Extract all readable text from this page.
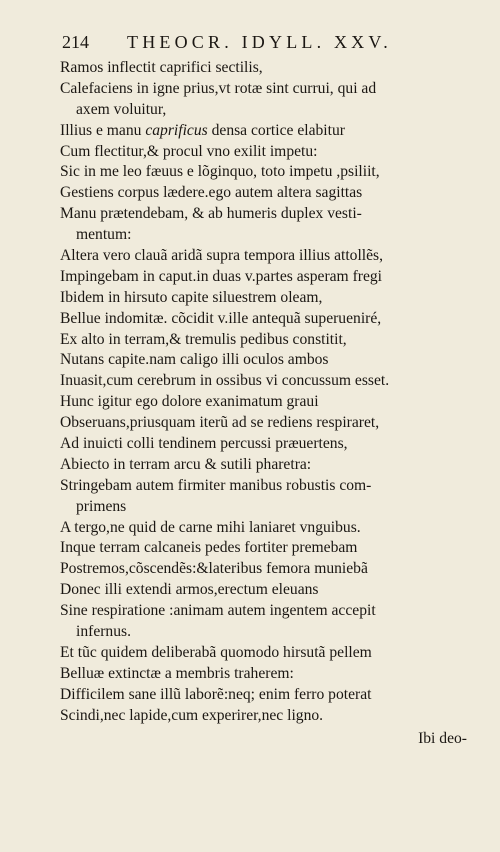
214 THEOCR. IDYLL. XXV.
Ramos inflectit caprifici sectilis,
Calefaciens in igne prius,vt rotæ sint currui, qui ad
axem voluitur,
Illius e manu caprificus densa cortice elabitur
Cum flectitur,& procul vno exilit impetu:
Sic in me leo fæuus e lõginquo, toto impetu ,psiliit,
Gestiens corpus lædere.ego autem altera sagittas
Manu prætendebam, & ab humeris duplex vesti-
mentum:
Altera vero clauã aridã supra tempora illius attollẽs,
Impingebam in caput.in duas v.partes asperam fregi
Ibidem in hirsuto capite siluestrem oleam,
Bellue indomitæ. cõcidit v.ille antequã superueniré,
Ex alto in terram,& tremulis pedibus constitit,
Nutans capite.nam caligo illi oculos ambos
Inuasit,cum cerebrum in ossibus vi concussum esset.
Hunc igitur ego dolore exanimatum graui
Obseruans,priusquam iterũ ad se rediens respiraret,
Ad inuicti colli tendinem percussi præuertens,
Abiecto in terram arcu & sutili pharetra:
Stringebam autem firmiter manibus robustis com-
primens
A tergo,ne quid de carne mihi laniaret vnguibus.
Inque terram calcaneis pedes fortiter premebam
Postremos,cõscendẽs:&lateribus femora muniebã
Donec illi extendi armos,erectum eleuans
Sine respiratione :animam autem ingentem accepit
infernus.
Et tũc quidem deliberabã quomodo hirsutã pellem
Belluæ extinctæ a membris traherem:
Difficilem sane illũ laborẽ:neq; enim ferro poterat
Scindi,nec lapide,cum experirer,nec ligno.
Ibi deo-
